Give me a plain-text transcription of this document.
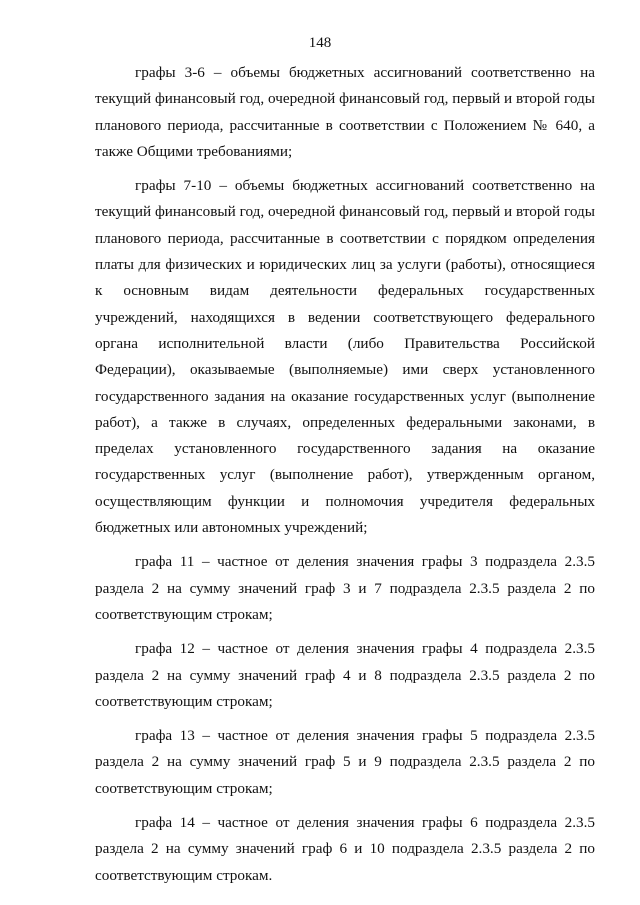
148

графы 3-6 – объемы бюджетных ассигнований соответственно на текущий финансовый год, очередной финансовый год, первый и второй годы планового периода, рассчитанные в соответствии с Положением № 640, а также Общими требованиями;

графы 7-10 – объемы бюджетных ассигнований соответственно на текущий финансовый год, очередной финансовый год, первый и второй годы планового периода, рассчитанные в соответствии с порядком определения платы для физических и юридических лиц за услуги (работы), относящиеся к основным видам деятельности федеральных государственных учреждений, находящихся в ведении соответствующего федерального органа исполнительной власти (либо Правительства Российской Федерации), оказываемые (выполняемые) ими сверх установленного государственного задания на оказание государственных услуг (выполнение работ), а также в случаях, определенных федеральными законами, в пределах установленного государственного задания на оказание государственных услуг (выполнение работ), утвержденным органом, осуществляющим функции и полномочия учредителя федеральных бюджетных или автономных учреждений;

графа 11 – частное от деления значения графы 3 подраздела 2.3.5 раздела 2 на сумму значений граф 3 и 7 подраздела 2.3.5 раздела 2 по соответствующим строкам;

графа 12 – частное от деления значения графы 4 подраздела 2.3.5 раздела 2 на сумму значений граф 4 и 8 подраздела 2.3.5 раздела 2 по соответствующим строкам;

графа 13 – частное от деления значения графы 5 подраздела 2.3.5 раздела 2 на сумму значений граф 5 и 9 подраздела 2.3.5 раздела 2 по соответствующим строкам;

графа 14 – частное от деления значения графы 6 подраздела 2.3.5 раздела 2 на сумму значений граф 6 и 10 подраздела 2.3.5 раздела 2 по соответствующим строкам.
